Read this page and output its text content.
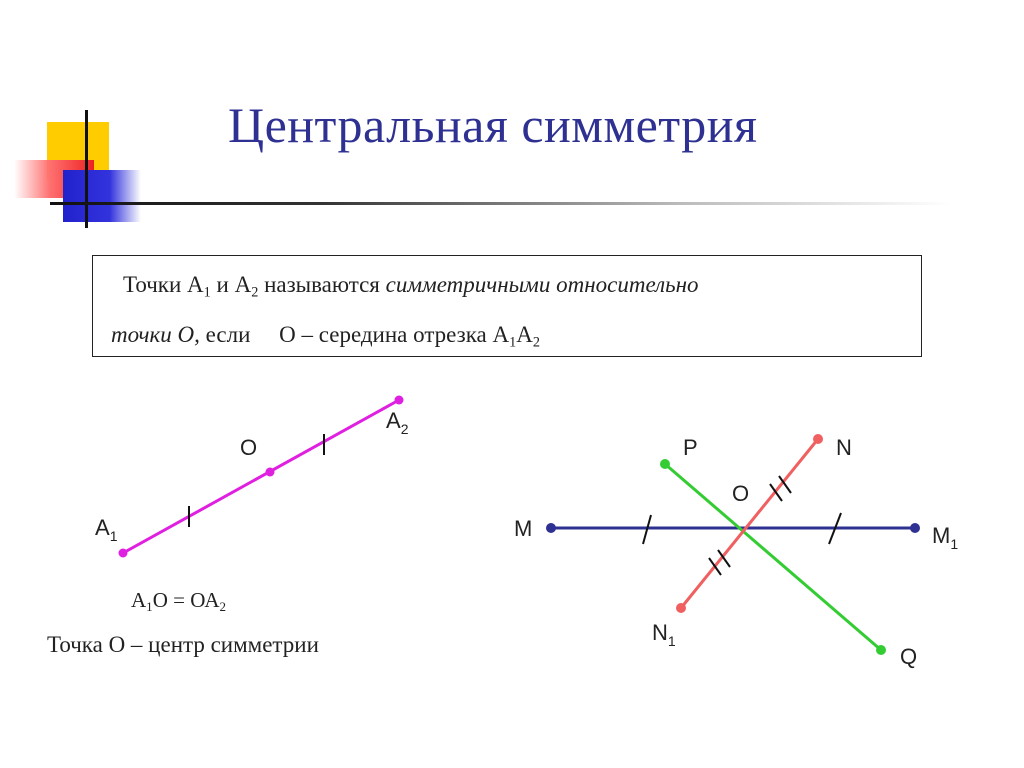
Центральная симметрия
Точки $А_1$ и $А_2$ называются симметричными относительно
точки О, если     О – середина отрезка $А_1А_2$
$A_1$
O
$A_2$
$А_1О = ОА_2$
Точка О – центр симметрии
P	N
O
M	$M_1$
$N_1$
Q
